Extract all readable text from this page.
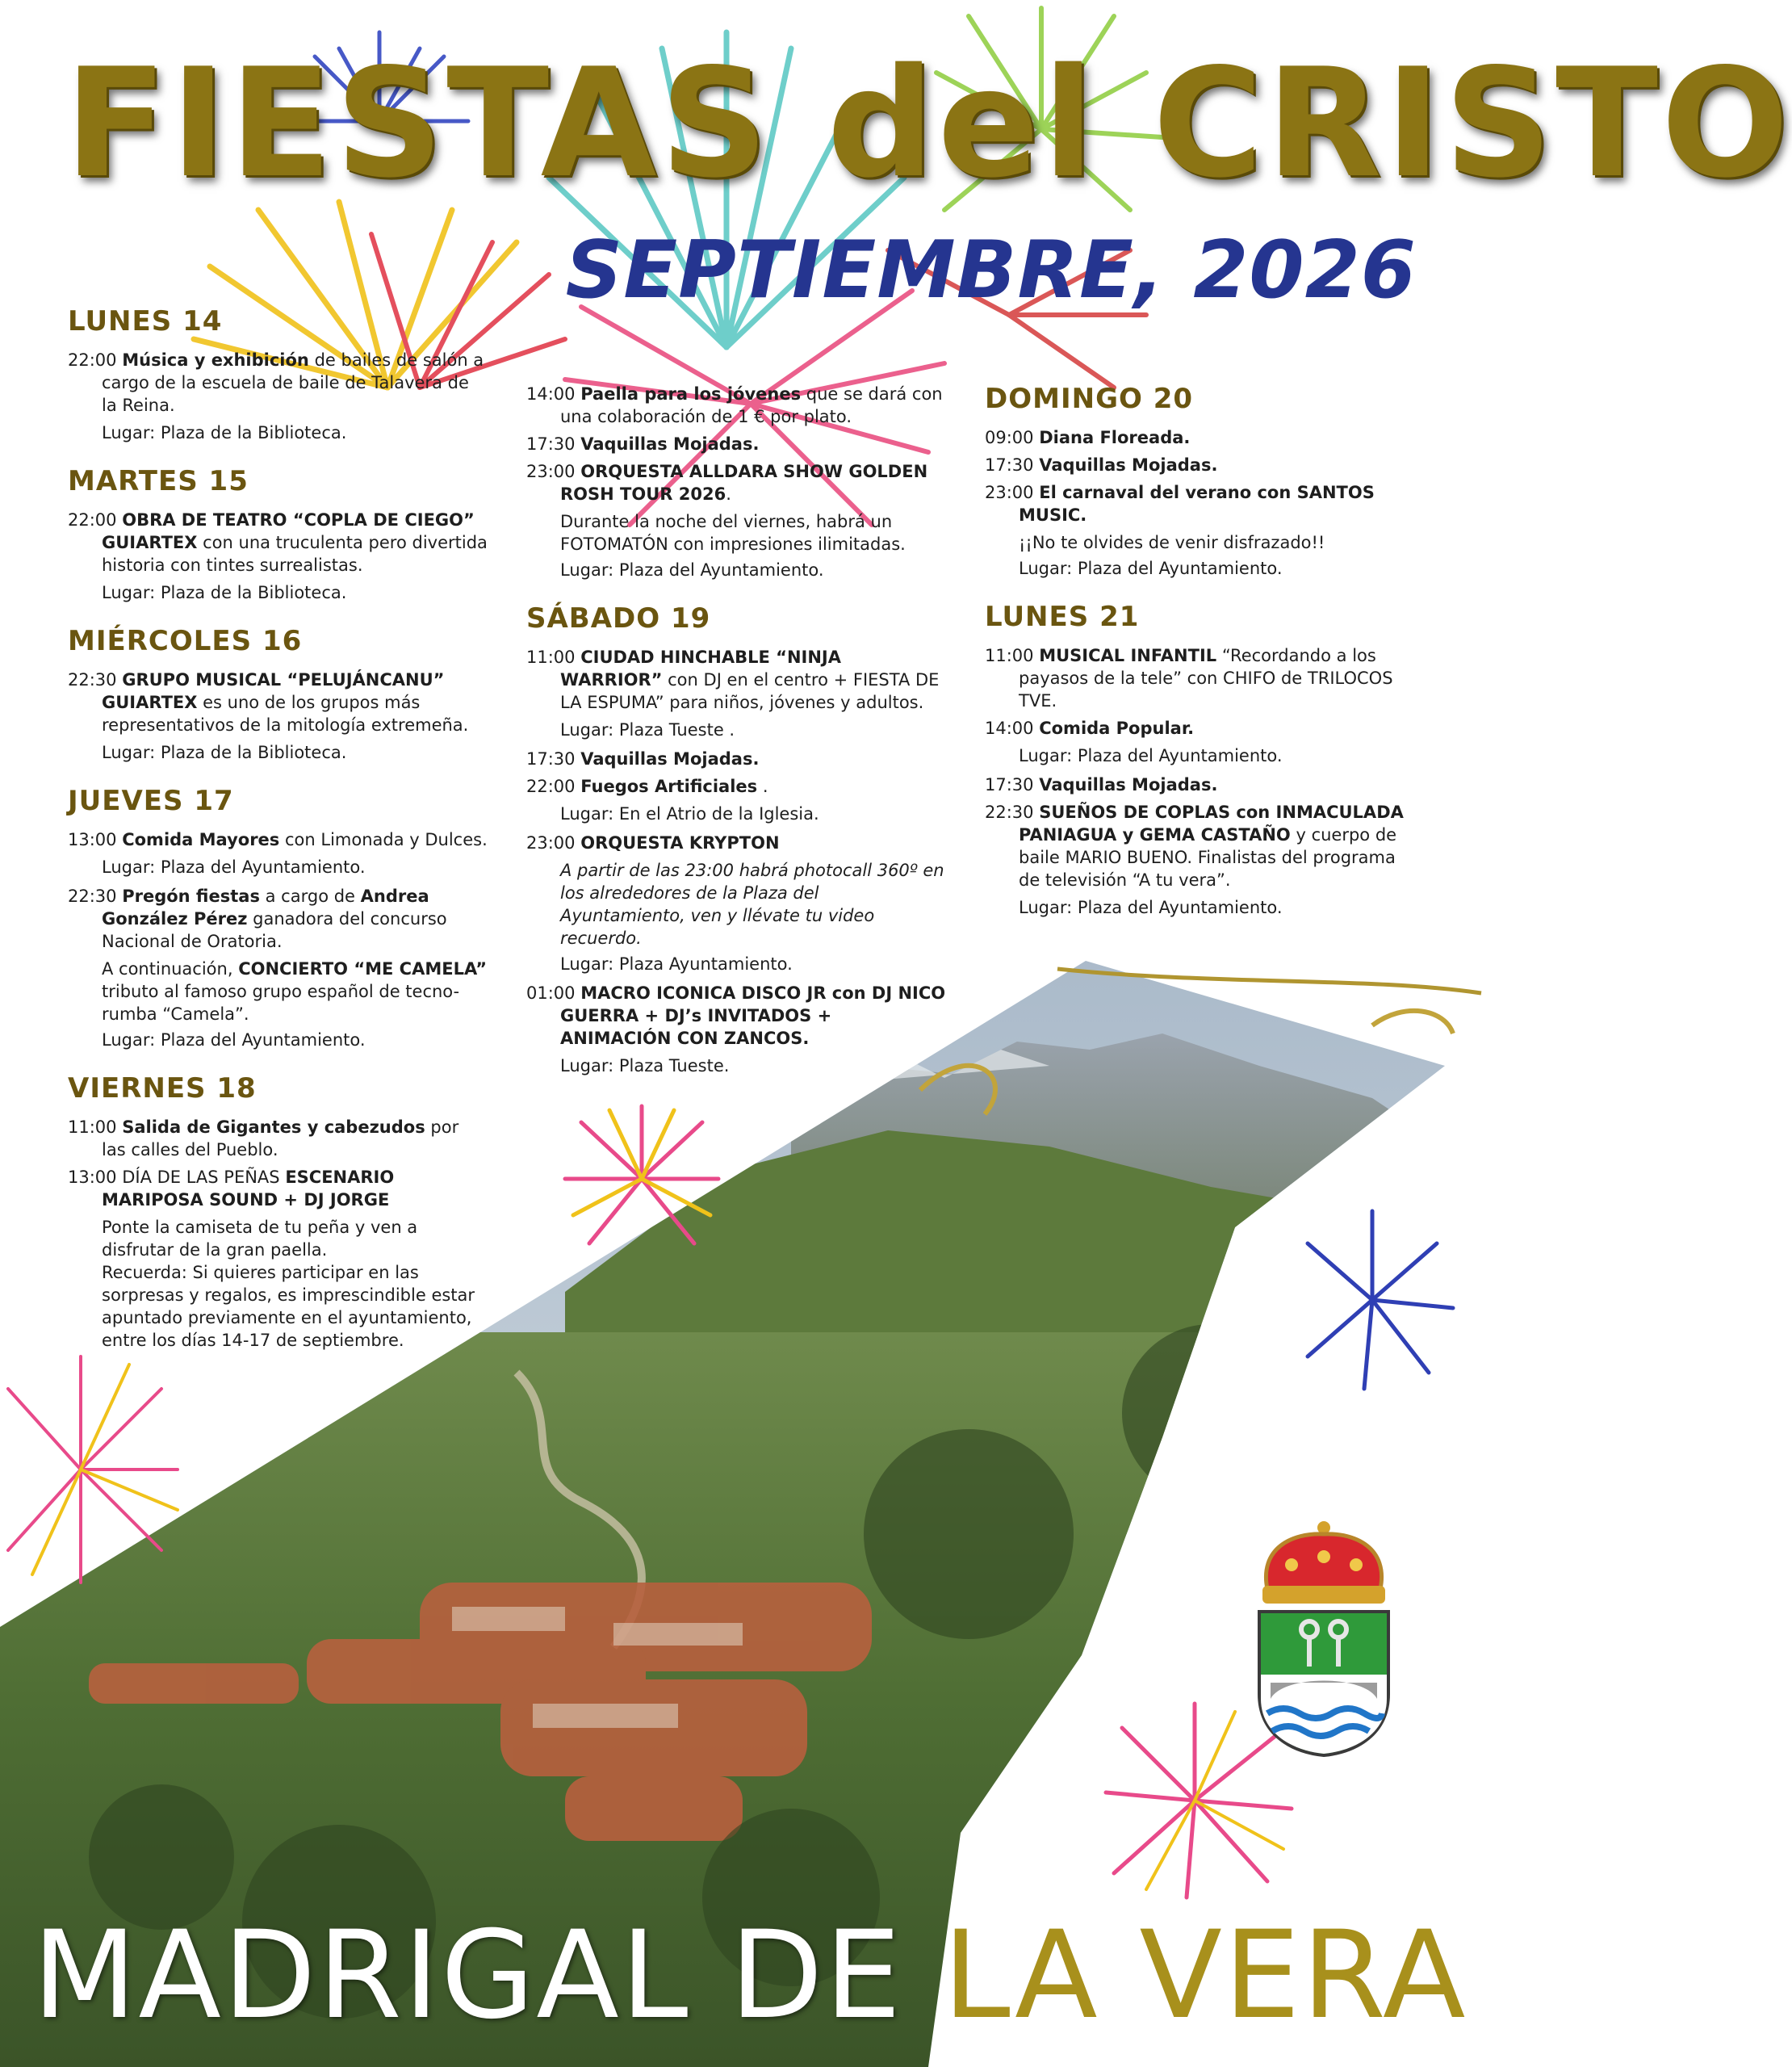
FIESTAS del CRISTO
SEPTIEMBRE, 2026
LUNES 14

22:00 Música y exhibición de bailes de salón a cargo de la escuela de baile de Talavera de la Reina.

Lugar: Plaza de la Biblioteca.

MARTES 15

22:00 OBRA DE TEATRO “COPLA DE CIEGO” GUIARTEX con una truculenta pero divertida historia con tintes surrealistas.

Lugar: Plaza de la Biblioteca.

MIÉRCOLES 16

22:30 GRUPO MUSICAL “PELUJÁNCANU” GUIARTEX es uno de los grupos más representativos de la mitología extremeña.

Lugar: Plaza de la Biblioteca.

JUEVES 17

13:00 Comida Mayores con Limonada y Dulces.

Lugar: Plaza del Ayuntamiento.

22:30 Pregón fiestas a cargo de Andrea González Pérez ganadora del concurso Nacional de Oratoria.

A continuación, CONCIERTO “ME CAMELA” tributo al famoso grupo español de tecno-rumba “Camela”.

Lugar: Plaza del Ayuntamiento.

VIERNES 18

11:00 Salida de Gigantes y cabezudos por las calles del Pueblo.

13:00 DÍA DE LAS PEÑAS ESCENARIO MARIPOSA SOUND + DJ JORGE

Ponte la camiseta de tu peña y ven a disfrutar de la gran paella.

Recuerda: Si quieres participar en las sorpresas y regalos, es imprescindible estar apuntado previamente en el ayuntamiento, entre los días 14-17 de septiembre.

14:00 Paella para los jóvenes que se dará con una colaboración de 1 € por plato.

17:30 Vaquillas Mojadas.

23:00 ORQUESTA ALLDARA SHOW GOLDEN ROSH TOUR 2026.

Durante la noche del viernes, habrá un FOTOMATÓN con impresiones ilimitadas.

Lugar: Plaza del Ayuntamiento.

SÁBADO 19

11:00 CIUDAD HINCHABLE “NINJA WARRIOR” con DJ en el centro + FIESTA DE LA ESPUMA” para niños, jóvenes y adultos.

Lugar: Plaza Tueste .

17:30 Vaquillas Mojadas.

22:00 Fuegos Artificiales .

Lugar: En el Atrio de la Iglesia.

23:00 ORQUESTA KRYPTON

A partir de las 23:00 habrá photocall 360º en los alrededores de la Plaza del Ayuntamiento, ven y llévate tu video recuerdo.

Lugar: Plaza Ayuntamiento.

01:00 MACRO ICONICA DISCO JR con DJ NICO GUERRA + DJ’s INVITADOS + ANIMACIÓN CON ZANCOS.

Lugar: Plaza Tueste.

DOMINGO 20

09:00 Diana Floreada.

17:30 Vaquillas Mojadas.

23:00 El carnaval del verano con SANTOS MUSIC.

¡¡No te olvides de venir disfrazado!!

Lugar: Plaza del Ayuntamiento.

LUNES 21

11:00 MUSICAL INFANTIL “Recordando a los payasos de la tele” con CHIFO de TRILOCOS TVE.

14:00 Comida Popular.

Lugar: Plaza del Ayuntamiento.

17:30 Vaquillas Mojadas.

22:30 SUEÑOS DE COPLAS con INMACULADA PANIAGUA y GEMA CASTAÑO y cuerpo de baile MARIO BUENO. Finalistas del programa de televisión “A tu vera”.

Lugar: Plaza del Ayuntamiento.

MADRIGAL DE LA VERA
